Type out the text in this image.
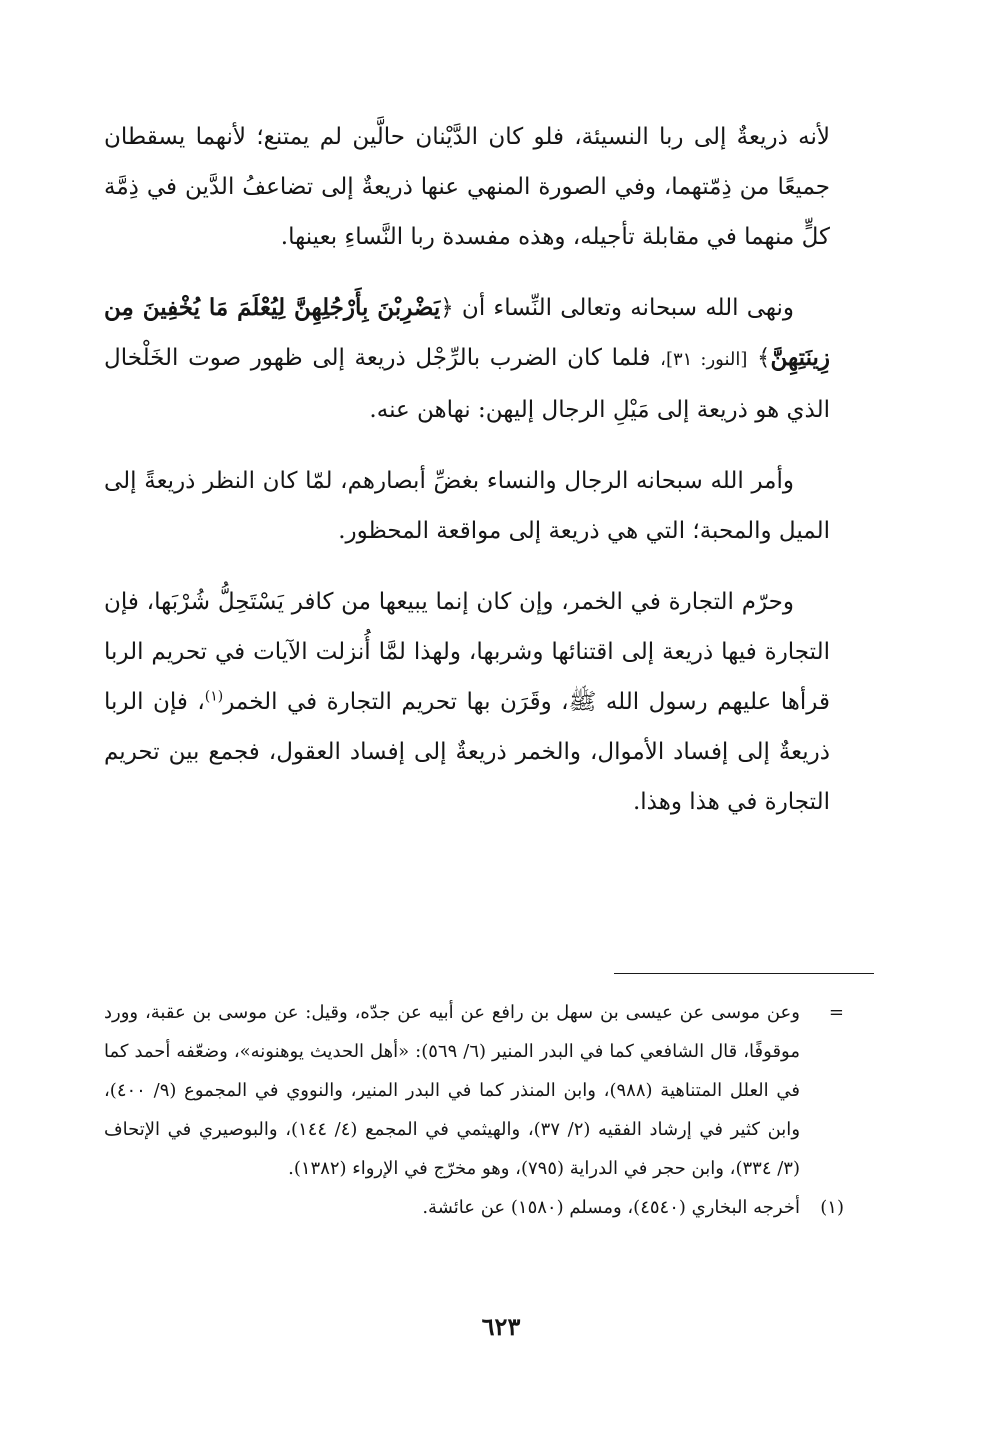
لأنه ذريعةٌ إلى ربا النسيئة، فلو كان الدَّيْنان حالَّين لم يمتنع؛ لأنهما يسقطان جميعًا من ذِمّتهما، وفي الصورة المنهي عنها ذريعةٌ إلى تضاعفُ الدَّين في ذِمَّة كلٍّ منهما في مقابلة تأجيله، وهذه مفسدة ربا النَّساءِ بعينها.

ونهى الله سبحانه وتعالى النِّساء أن ﴿يَضْرِبْنَ بِأَرْجُلِهِنَّ لِيُعْلَمَ مَا يُخْفِينَ مِن زِينَتِهِنَّ﴾ [النور: ٣١]، فلما كان الضرب بالرِّجْل ذريعة إلى ظهور صوت الخَلْخال الذي هو ذريعة إلى مَيْلِ الرجال إليهن: نهاهن عنه.

وأمر الله سبحانه الرجال والنساء بغضِّ أبصارهم، لمّا كان النظر ذريعةً إلى الميل والمحبة؛ التي هي ذريعة إلى مواقعة المحظور.

وحرّم التجارة في الخمر، وإن كان إنما يبيعها من كافر يَسْتَحِلُّ شُرْبَها، فإن التجارة فيها ذريعة إلى اقتنائها وشربها، ولهذا لمَّا أُنزلت الآيات في تحريم الربا قرأها عليهم رسول الله ﷺ، وقَرَن بها تحريم التجارة في الخمر$^{(١)}$، فإن الربا ذريعةٌ إلى إفساد الأموال، والخمر ذريعةٌ إلى إفساد العقول، فجمع بين تحريم التجارة في هذا وهذا.

=
وعن موسى عن عيسى بن سهل بن رافع عن أبيه عن جدّه، وقيل: عن موسى بن عقبة، وورد موقوفًا، قال الشافعي كما في البدر المنير (٦/ ٥٦٩): «أهل الحديث يوهنونه»، وضعّفه أحمد كما في العلل المتناهية (٩٨٨)، وابن المنذر كما في البدر المنير، والنووي في المجموع (٩/ ٤٠٠)، وابن كثير في إرشاد الفقيه (٢/ ٣٧)، والهيثمي في المجمع (٤/ ١٤٤)، والبوصيري في الإتحاف (٣/ ٣٣٤)، وابن حجر في الدراية (٧٩٥)، وهو مخرّج في الإرواء (١٣٨٢).
(١)
أخرجه البخاري (٤٥٤٠)، ومسلم (١٥٨٠) عن عائشة.
٦٢٣
